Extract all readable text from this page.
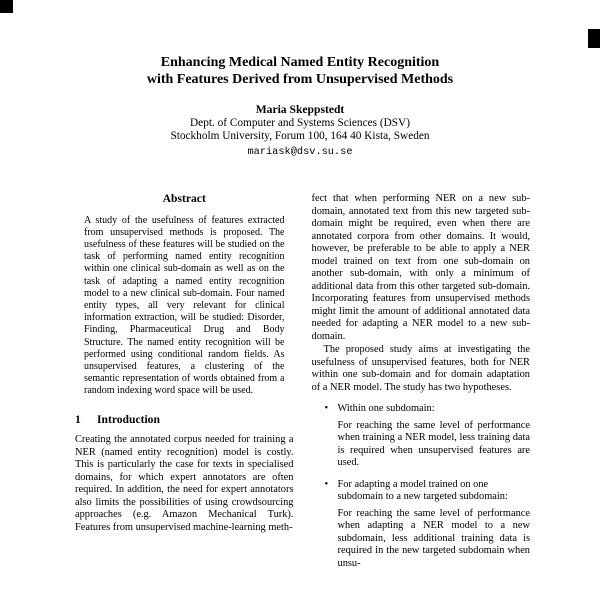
Enhancing Medical Named Entity Recognition
with Features Derived from Unsupervised Methods
Maria Skeppstedt
Dept. of Computer and Systems Sciences (DSV)
Stockholm University, Forum 100, 164 40 Kista, Sweden
mariask@dsv.su.se
Abstract

A study of the usefulness of features extracted from unsupervised methods is proposed. The usefulness of these features will be studied on the task of performing named entity recognition within one clinical sub-domain as well as on the task of adapting a named entity recognition model to a new clinical sub-domain. Four named entity types, all very relevant for clinical information extraction, will be studied: Disorder, Finding, Pharmaceutical Drug and Body Structure. The named entity recognition will be performed using conditional random fields. As unsupervised features, a clustering of the semantic representation of words obtained from a random indexing word space will be used.

1	Introduction

Creating the annotated corpus needed for training a NER (named entity recognition) model is costly. This is particularly the case for texts in specialised domains, for which expert annotators are often required. In addition, the need for expert annotators also limits the possibilities of using crowdsourcing approaches (e.g. Amazon Mechanical Turk). Features from unsupervised machine-learning meth-

fect that when performing NER on a new sub-domain, annotated text from this new targeted sub-domain might be required, even when there are annotated corpora from other domains. It would, however, be preferable to be able to apply a NER model trained on text from one sub-domain on another sub-domain, with only a minimum of additional data from this other targeted sub-domain. Incorporating features from unsupervised methods might limit the amount of additional annotated data needed for adapting a NER model to a new sub-domain.

The proposed study aims at investigating the usefulness of unsupervised features, both for NER within one sub-domain and for domain adaptation of a NER model. The study has two hypotheses.

• Within one subdomain:

For reaching the same level of performance when training a NER model, less training data is required when unsupervised features are used.

• For adapting a model trained on one subdomain to a new targeted subdomain:

For reaching the same level of performance when adapting a NER model to a new subdomain, less additional training data is required in the new targeted subdomain when unsu-
